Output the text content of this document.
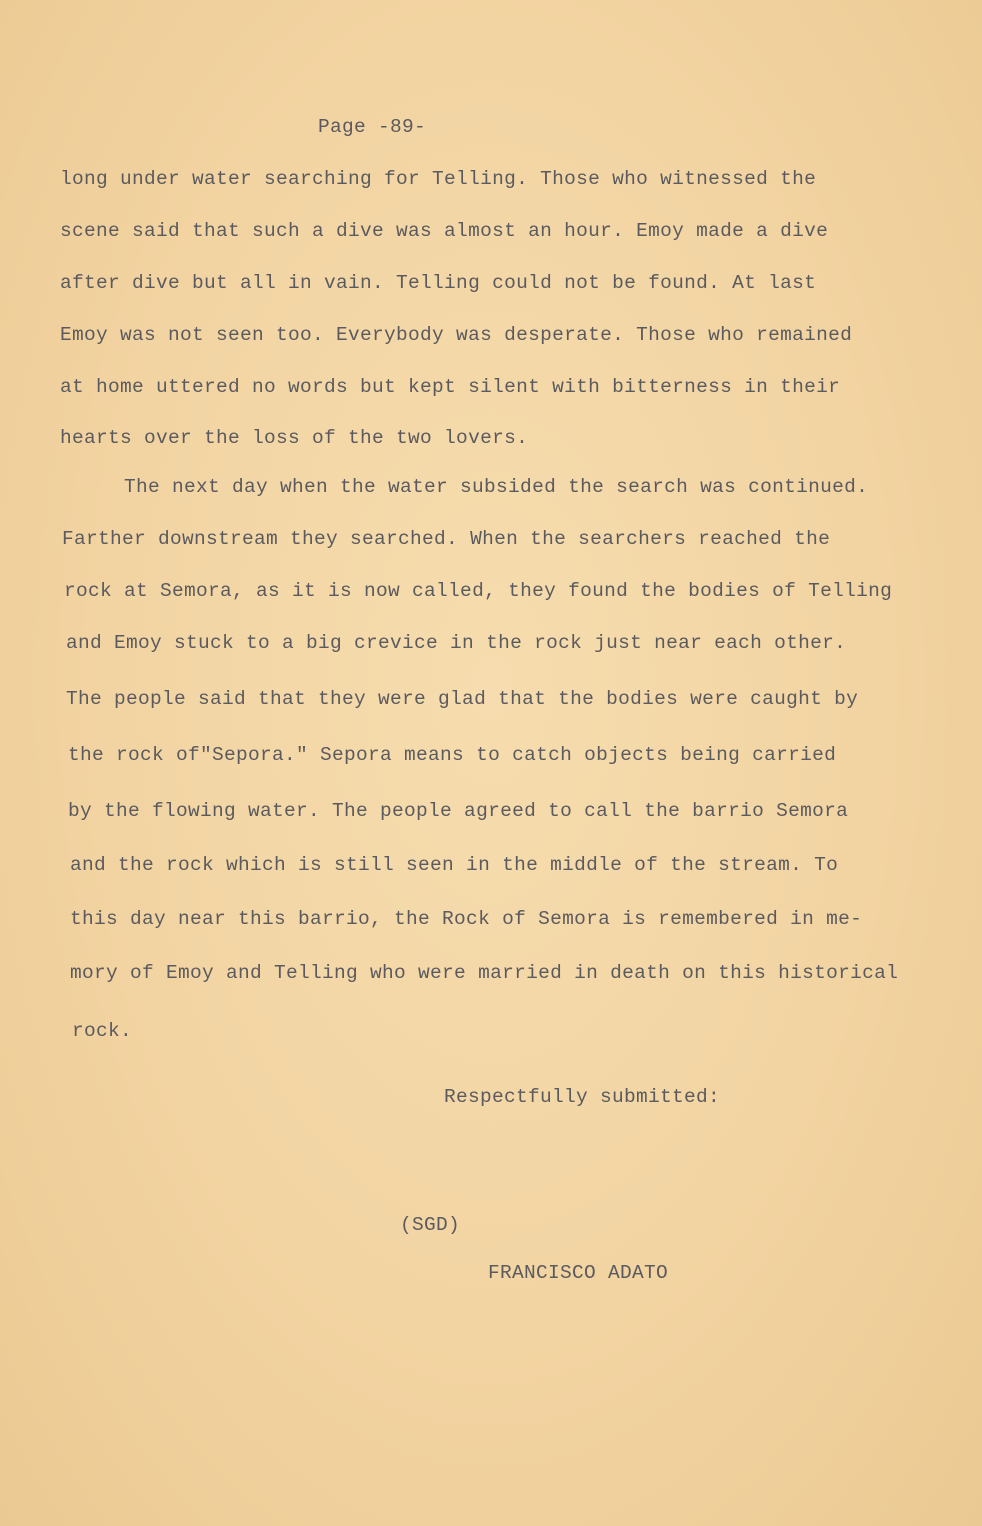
Page -89-
long under water searching for Telling. Those who witnessed the
scene said that such a dive was almost an hour. Emoy made a dive
after dive but all in vain. Telling could not be found. At last
Emoy was not seen too. Everybody was desperate. Those who remained
at home uttered no words but kept silent with bitterness in their
hearts over the loss of the two lovers.
The next day when the water subsided the search was continued.
Farther downstream they searched. When the searchers reached the
rock at Semora, as it is now called, they found the bodies of Telling
and Emoy stuck to a big crevice in the rock just near each other.
The people said that they were glad that the bodies were caught by
the rock of"Sepora." Sepora means to catch objects being carried
by the flowing water. The people agreed to call the barrio Semora
and the rock which is still seen in the middle of the stream. To
this day near this barrio, the Rock of Semora is remembered in me-
mory of Emoy and Telling who were married in death on this historical
rock.
Respectfully submitted:
(SGD)
FRANCISCO ADATO
